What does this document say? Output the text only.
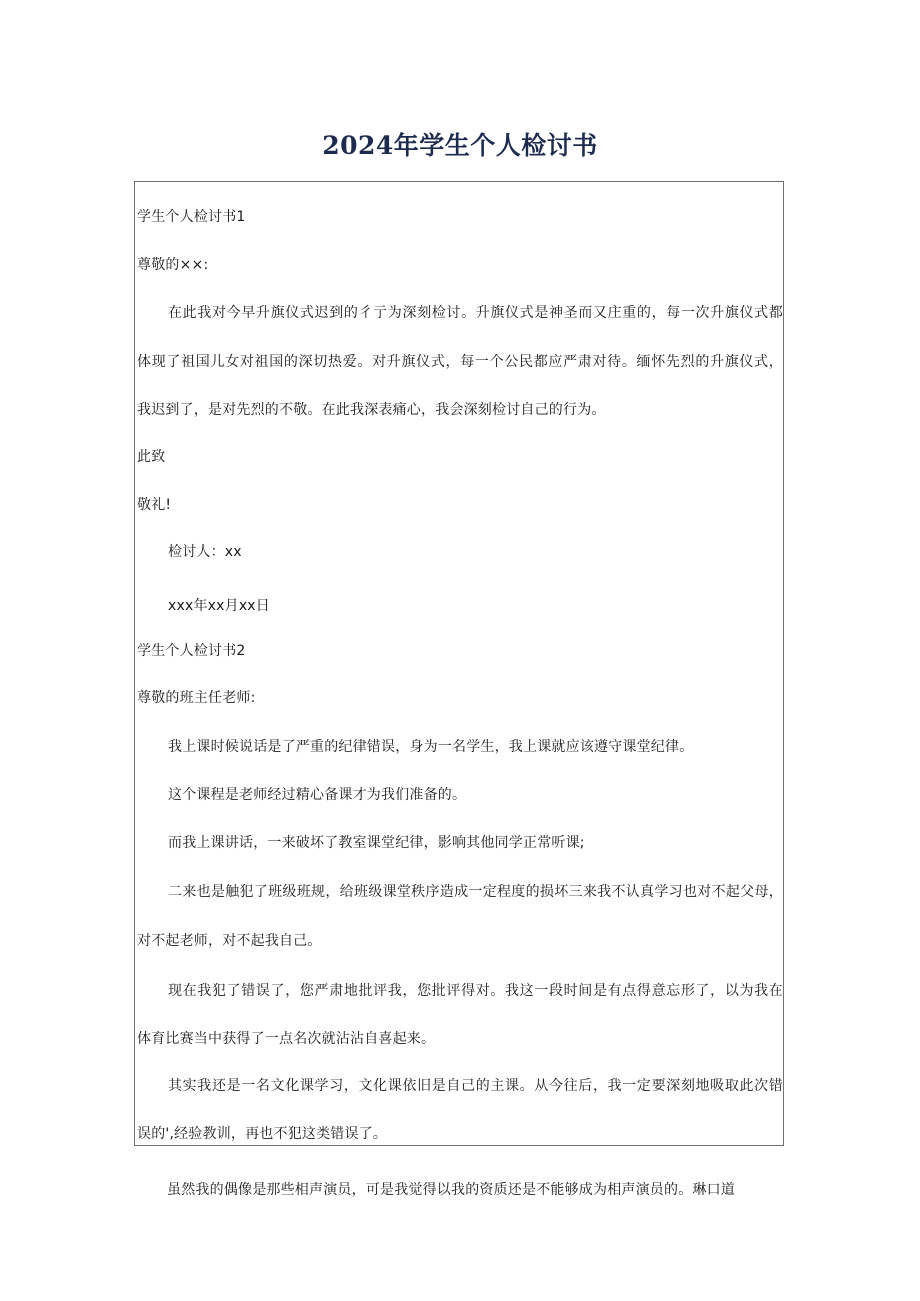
2024年学生个人检讨书
学生个人检讨书1
尊敬的××:
在此我对今早升旗仪式迟到的彳亍为深刻检讨。升旗仪式是神圣而又庄重的，每一次升旗仪式都
体现了祖国儿女对祖国的深切热爱。对升旗仪式，每一个公民都应严肃对待。缅怀先烈的升旗仪式，
我迟到了，是对先烈的不敬。在此我深表痛心，我会深刻检讨自己的行为。
此致
敬礼!
检讨人：xx
xxx年xx月xx日
学生个人检讨书2
尊敬的班主任老师:
我上课时候说话是了严重的纪律错误，身为一名学生，我上课就应该遵守课堂纪律。
这个课程是老师经过精心备课才为我们准备的。
而我上课讲话，一来破坏了教室课堂纪律，影响其他同学正常听课;
二来也是触犯了班级班规，给班级课堂秩序造成一定程度的损坏三来我不认真学习也对不起父母，
对不起老师，对不起我自己。
现在我犯了错误了，您严肃地批评我，您批评得对。我这一段时间是有点得意忘形了，以为我在
体育比赛当中获得了一点名次就沾沾自喜起来。
其实我还是一名文化课学习，文化课依旧是自己的主课。从今往后，我一定要深刻地吸取此次错
误的',经验教训，再也不犯这类错误了。
虽然我的偶像是那些相声演员，可是我觉得以我的资质还是不能够成为相声演员的。琳口道
